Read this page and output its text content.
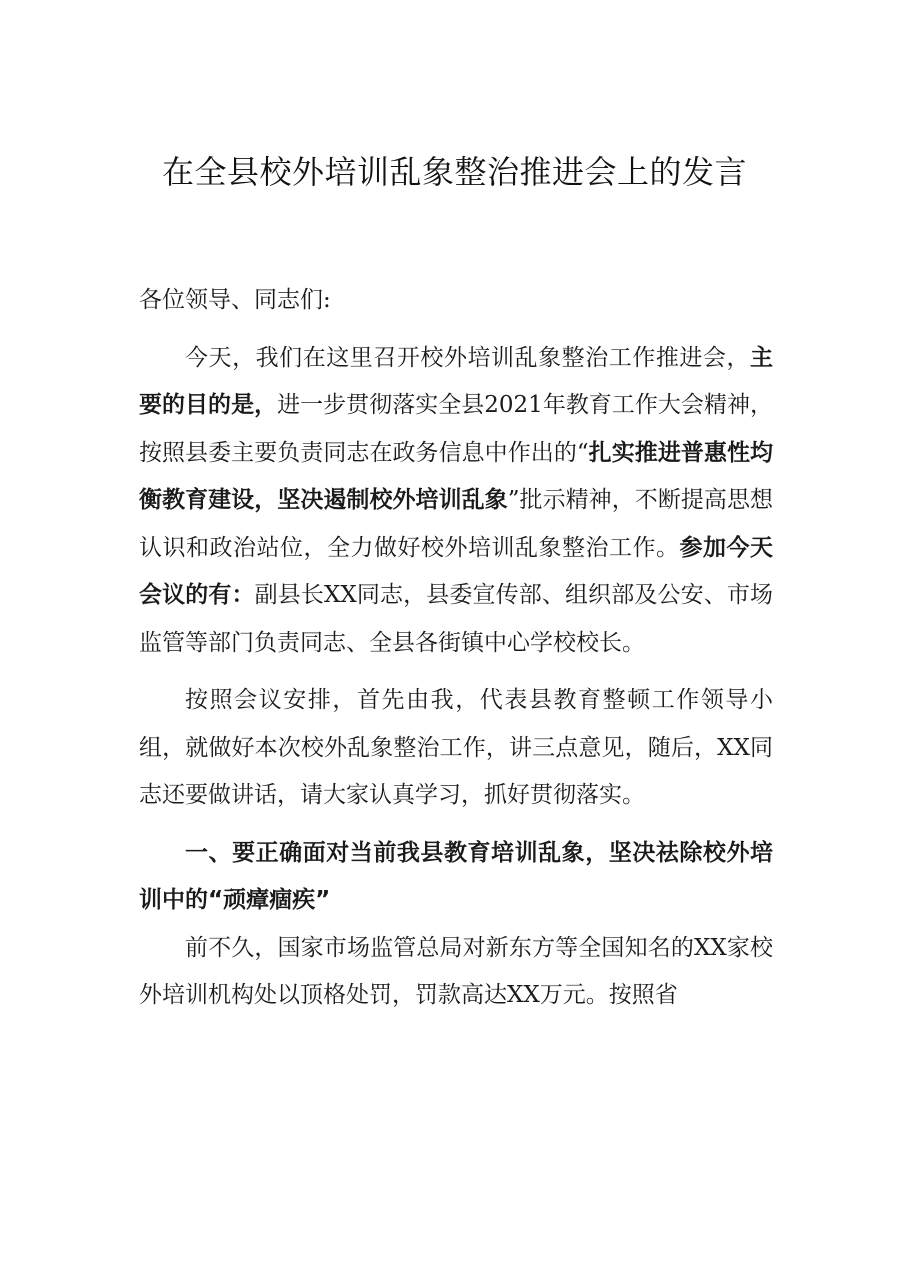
在全县校外培训乱象整治推进会上的发言

各位领导、同志们:

今天，我们在这里召开校外培训乱象整治工作推进会，主要的目的是，进一步贯彻落实全县2021年教育工作大会精神，按照县委主要负责同志在政务信息中作出的“扎实推进普惠性均衡教育建设，坚决遏制校外培训乱象”批示精神，不断提高思想认识和政治站位，全力做好校外培训乱象整治工作。参加今天会议的有：副县长XX同志，县委宣传部、组织部及公安、市场监管等部门负责同志、全县各街镇中心学校校长。

按照会议安排，首先由我，代表县教育整顿工作领导小组，就做好本次校外乱象整治工作，讲三点意见，随后，XX同志还要做讲话，请大家认真学习，抓好贯彻落实。

一、要正确面对当前我县教育培训乱象，坚决祛除校外培训中的“顽瘴痼疾”

前不久，国家市场监管总局对新东方等全国知名的XX家校外培训机构处以顶格处罚，罚款高达XX万元。按照省
